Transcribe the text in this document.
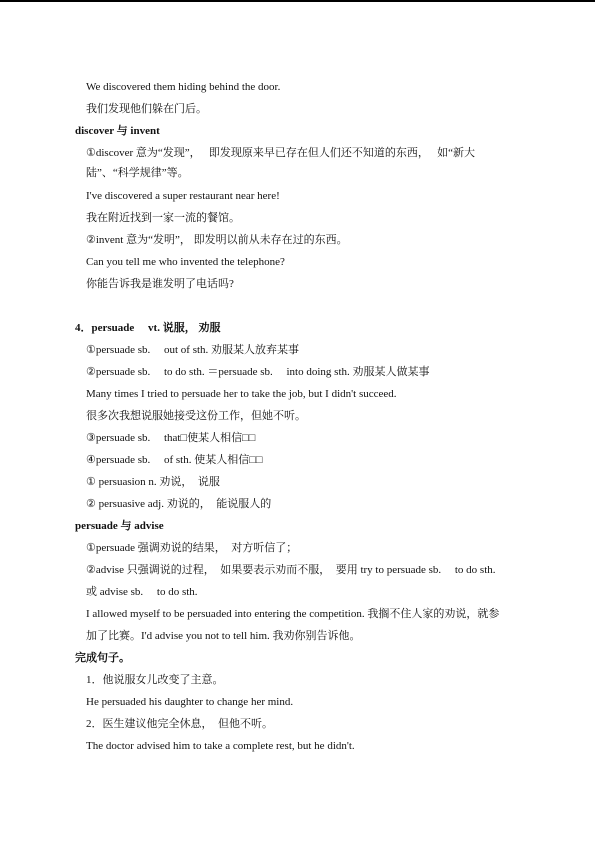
We discovered them hiding behind the door.
我们发现他们躲在门后。
discover 与 invent
①discover 意为“发现”，　 即发现原来早已存在但人们还不知道的东西，　 如“新大
陆”、“科学规律”等。
I've discovered a super restaurant near here!
我在附近找到一家一流的餐馆。
②invent 意为“发明”， 即发明以前从未存在过的东西。
Can you tell me who invented the telephone?
你能告诉我是谁发明了电话吗?
4．persuade　 vt. 说服， 劝服
①persuade sb.　 out of sth. 劝服某人放弃某事
②persuade sb.　 to do sth. ＝persuade sb.　 into doing sth. 劝服某人做某事
Many times I tried to persuade her to take the job, but I didn't succeed.
很多次我想说服她接受这份工作，但她不听。
③persuade sb.　 that□使某人相信□□
④persuade sb.　 of sth. 使某人相信□□
① persuasion n. 劝说，　说服
② persuasive adj. 劝说的，　能说服人的
persuade 与 advise
①persuade 强调劝说的结果，　对方听信了；
②advise 只强调说的过程，　如果要表示劝而不服，　要用 try to persuade sb.　 to do sth.
或 advise sb.　 to do sth.
I allowed myself to be persuaded into entering the competition. 我搁不住人家的劝说，就参
加了比赛。I'd advise you not to tell him. 我劝你别告诉他。
完成句子。
1．他说服女儿改变了主意。
He persuaded his daughter to change her mind.
2．医生建议他完全休息，　但他不听。
The doctor advised him to take a complete rest, but he didn't.
